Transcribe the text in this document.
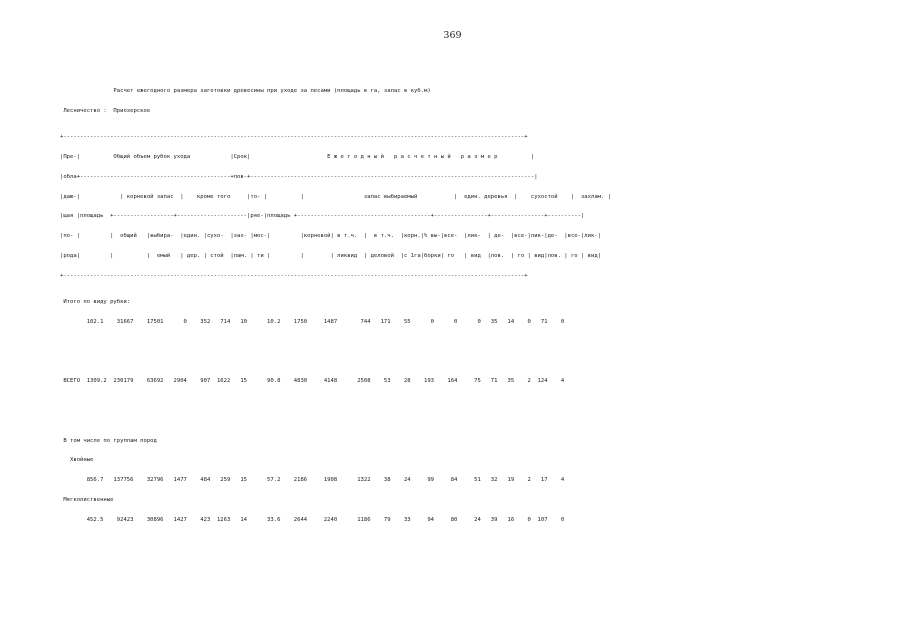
369

Расчет ежегодного размера заготовки древесины при уходе за лесами (площадь в га, запас в куб.м)

Лесничество :  Приозерское

+------------------------------------------------------------------------------------------------------------------------------------------+

|Пре-|          Общий объем рубок ухода            |Срок|                       Е ж е г о д н ы й   р а с ч е т н ы й   р а з м е р          |

|обла+---------------------------------------------+пов-+-------------------------------------------------------------------------------------|

|даю-|            | корневой запас  |    кроме того     |то- |          |                  запас выбираемый           |  един. деревья  |    сухостой    |  захлам. |

|щая |площадь  +------------------+---------------------|ряе-|площадь +----------------------------------------+----------------+----------------+----------|

|по- |         |  общий   |выбира-  |един. |сухо-  |зах- |мос-|         |корневой| в т.ч.  |  в т.ч.  |корн.|% вы-|все-  |лик-  | де-  |все-|лик-|де-  |все-|лик-|

|рода|         |          |  емый   | дер. | стой  |лам. | ти |         |        | ликвид  | деловой  |с 1га|борки| го   | вид  |лов.  | го | вид|лов. | го | вид|

+------------------------------------------------------------------------------------------------------------------------------------------+

Итого по виду рубки:

102.1    31667    17501      0    352   714   10      10.2    1750     1487       744   171    55      0      0      0   35   14    0   71    0

ВСЕГО  1309.2  230179    63692   2904    907  1622   15      90.8    4830     4148      2508    53    28    193    164     75   71   35    2  124    4

В том числе по группам пород

Хвойные

856.7   137756    32796   1477    484   259   15      57.2    2186     1908      1322    38    24     99     84     51   32   19    2   17    4

Мягколиственные

452.5    92423    30896   1427    423  1263   14      33.6    2644     2240      1186    79    33     94     80     24   39   16    0  107    0
